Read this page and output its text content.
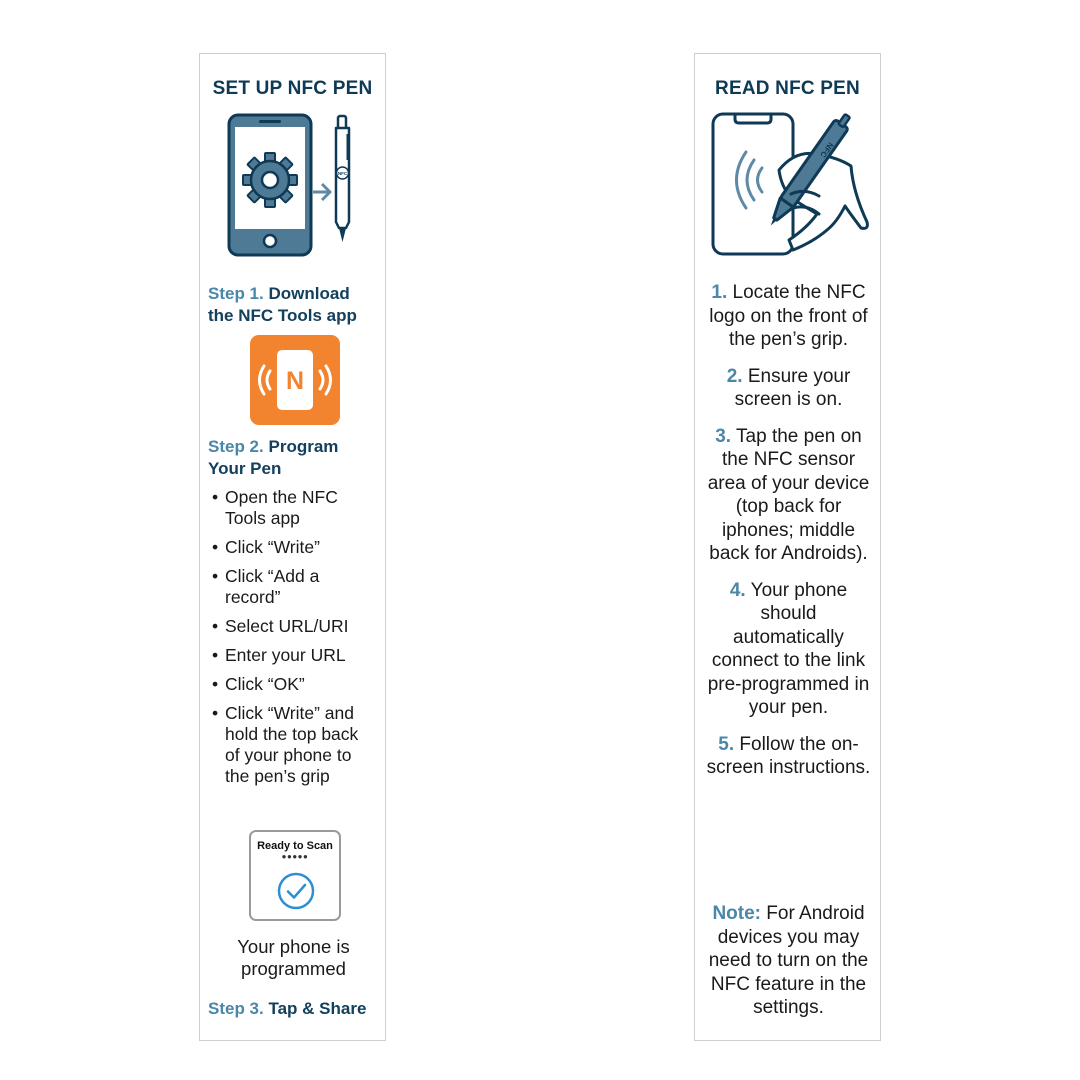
SET UP NFC PEN
NFC
Step 1. Download the NFC Tools app
N
Step 2. Program Your Pen
• Open the NFC Tools app
• Click “Write”
• Click “Add a record”
• Select URL/URI
• Enter your URL
• Click “OK”
• Click “Write” and hold the top back of your phone to the pen’s grip
Ready to Scan
●●●●●
Your phone is programmed
Step 3. Tap & Share
READ NFC PEN
NFC
1. Locate the NFC logo on the front of the pen’s grip.
2. Ensure your screen is on.
3. Tap the pen on the NFC sensor area of your device (top back for iphones; middle back for Androids).
4. Your phone should automatically connect to the link pre-programmed in your pen.
5. Follow the on-screen instructions.
Note: For Android devices you may need to turn on the NFC feature in the settings.
